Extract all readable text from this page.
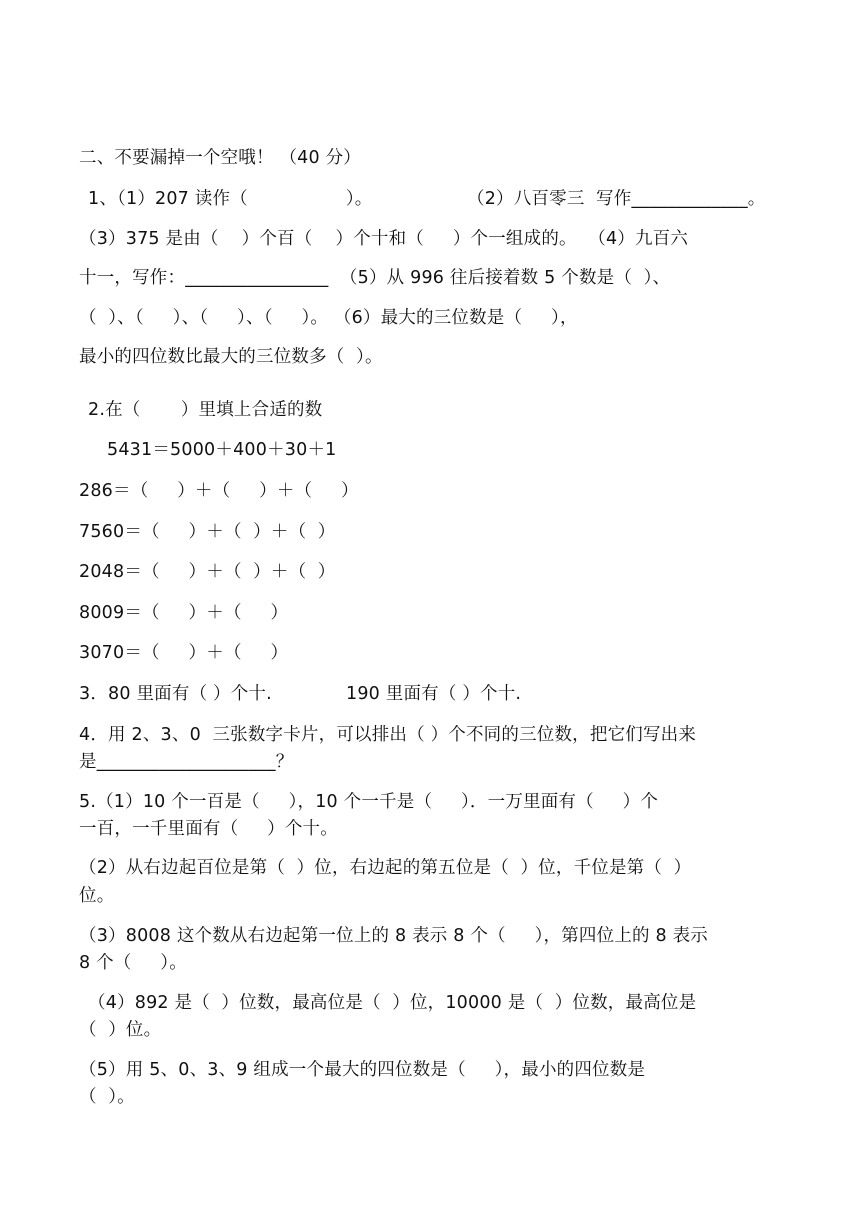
二、不要漏掉一个空哦！ （40 分）
1、（1）207 读作（                 ）。	（2）八百零三  写作_____________。
（3）375 是由（    ）个百（    ）个十和（     ）个一组成的。  （4）九百六
十一，写作：________________  （5）从 996 往后接着数 5 个数是（  ）、
（  ）、（     ）、（     ）、（     ）。 （6）最大的三位数是（     ），
最小的四位数比最大的三位数多（  ）。
2.在（       ）里填上合适的数
5431＝5000＋400＋30＋1
286＝（     ）＋（     ）＋（     ）
7560＝（     ）＋（  ）＋（  ）
2048＝（     ）＋（  ）＋（  ）
8009＝（     ）＋（     ）
3070＝（     ）＋（     ）
3．80 里面有（ ）个十.	190 里面有（ ）个十.
4．用 2、3、0  三张数字卡片，可以排出（ ）个不同的三位数，把它们写出来
是____________________？
5.（1）10 个一百是（     ），10 个一千是（     ）．一万里面有（     ）个
一百，一千里面有（     ）个十。
（2）从右边起百位是第（  ）位，右边起的第五位是（  ）位，千位是第（  ）
位。
（3）8008 这个数从右边起第一位上的 8 表示 8 个（     ），第四位上的 8 表示
8 个（     ）。
（4）892 是（  ）位数，最高位是（  ）位，10000 是（  ）位数，最高位是
（  ）位。
（5）用 5、0、3、9 组成一个最大的四位数是（     ），最小的四位数是
（  ）。
